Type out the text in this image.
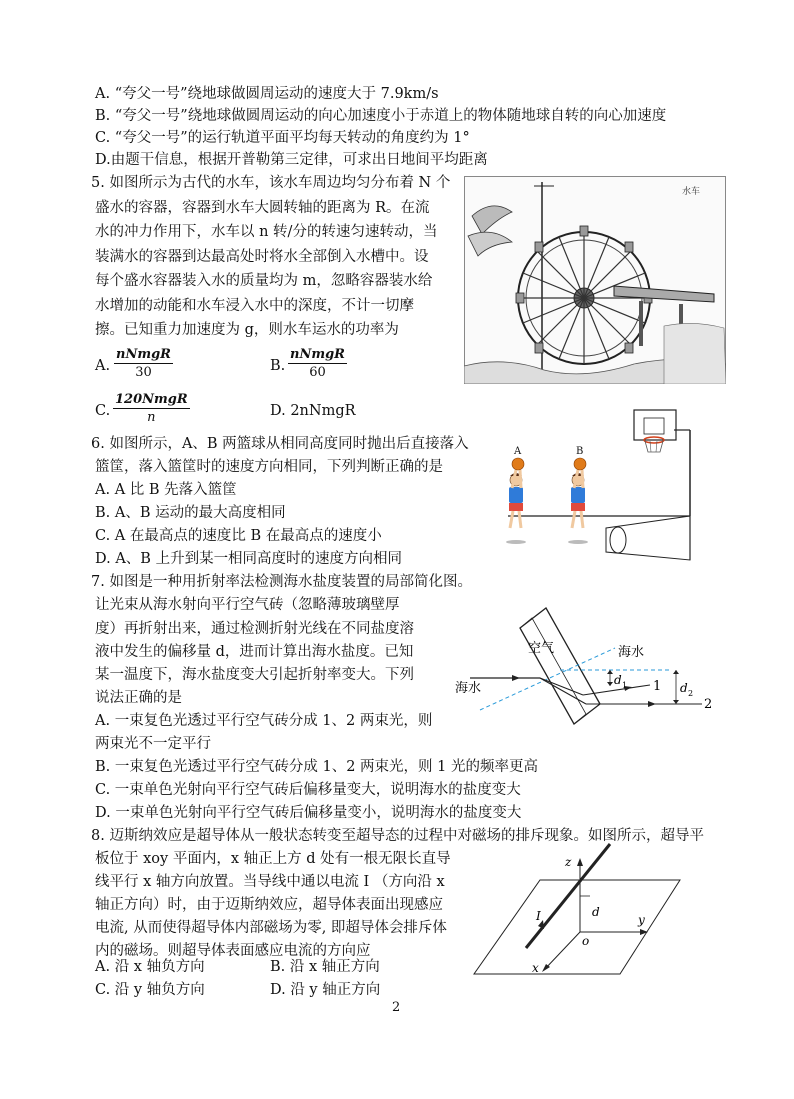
A. “夸父一号”绕地球做圆周运动的速度大于 7.9km/s
B. “夸父一号”绕地球做圆周运动的向心加速度小于赤道上的物体随地球自转的向心加速度
C. “夸父一号”的运行轨道平面平均每天转动的角度约为 1°
D.由题干信息，根据开普勒第三定律，可求出日地间平均距离
5. 如图所示为古代的水车，该水车周边均匀分布着 N 个
盛水的容器，容器到水车大圆转轴的距离为 R。在流
水的冲力作用下，水车以 n 转/分的转速匀速转动，当
装满水的容器到达最高处时将水全部倒入水槽中。设
每个盛水容器装入水的质量均为 m，忽略容器装水给
水增加的动能和水车浸入水中的深度，不计一切摩
擦。已知重力加速度为 g，则水车运水的功率为
A.
nNmgR
30	B.
nNmgR
60
C.
120NmgR
n	D. 2nNmgR
水车
6. 如图所示，A、B 两篮球从相同高度同时抛出后直接落入
篮筐，落入篮筐时的速度方向相同，下列判断正确的是
A. A 比 B 先落入篮筐
B. A、B 运动的最大高度相同
C. A 在最高点的速度比 B 在最高点的速度小
D. A、B 上升到某一相同高度时的速度方向相同
A	B
7. 如图是一种用折射率法检测海水盐度装置的局部简化图。
让光束从海水射向平行空气砖（忽略薄玻璃壁厚
度）再折射出来，通过检测折射光线在不同盐度溶
液中发生的偏移量 d，进而计算出海水盐度。已知
某一温度下，海水盐度变大引起折射率变大。下列
说法正确的是
A. 一束复色光透过平行空气砖分成 1、2 两束光，则
两束光不一定平行
B. 一束复色光透过平行空气砖分成 1、2 两束光，则 1 光的频率更高
C. 一束单色光射向平行空气砖后偏移量变大，说明海水的盐度变大
D. 一束单色光射向平行空气砖后偏移量变小，说明海水的盐度变大
空气	海水
海水
d 1	d 2
1
2
8. 迈斯纳效应是超导体从一般状态转变至超导态的过程中对磁场的排斥现象。如图所示，超导平
板位于 xoy 平面内，x 轴正上方 d 处有一根无限长直导
线平行 x 轴方向放置。当导线中通以电流 I （方向沿 x
轴正方向）时，由于迈斯纳效应，超导体表面出现感应
电流, 从而使得超导体内部磁场为零, 即超导体会排斥体
内的磁场。则超导体表面感应电流的方向应
A. 沿 x 轴负方向	B. 沿 x 轴正方向
C. 沿 y 轴负方向	D. 沿 y 轴正方向
z
y
x
o
d
I
2
